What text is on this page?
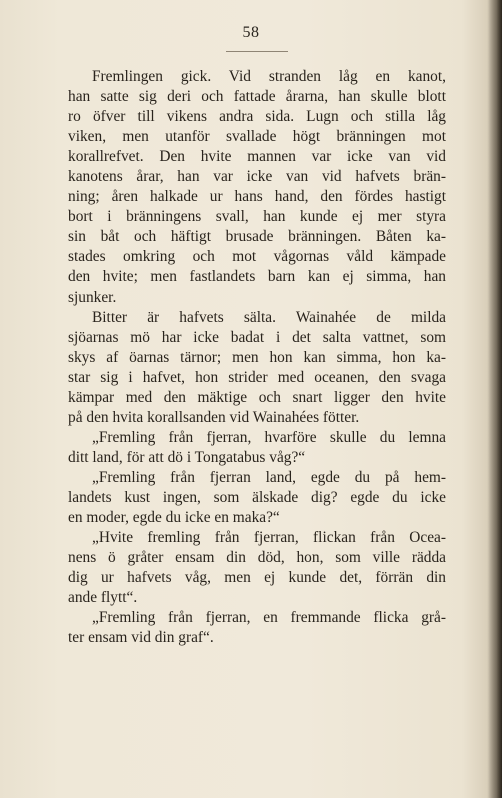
58
Fremlingen gick. Vid stranden låg en kanot,
han satte sig deri och fattade årarna, han skulle blott
ro öfver till vikens andra sida. Lugn och stilla låg
viken, men utanför svallade högt bränningen mot
korallrefvet. Den hvite mannen var icke van vid
kanotens årar, han var icke van vid hafvets brän-
ning; åren halkade ur hans hand, den fördes hastigt
bort i bränningens svall, han kunde ej mer styra
sin båt och häftigt brusade bränningen. Båten ka-
stades omkring och mot vågornas våld kämpade
den hvite; men fastlandets barn kan ej simma, han
sjunker.
Bitter är hafvets sälta. Wainahée de milda
sjöarnas mö har icke badat i det salta vattnet, som
skys af öarnas tärnor; men hon kan simma, hon ka-
star sig i hafvet, hon strider med oceanen, den svaga
kämpar med den mäktige och snart ligger den hvite
på den hvita korallsanden vid Wainahées fötter.
„Fremling från fjerran, hvarföre skulle du lemna
ditt land, för att dö i Tongatabus våg?“
„Fremling från fjerran land, egde du på hem-
landets kust ingen, som älskade dig? egde du icke
en moder, egde du icke en maka?“
„Hvite fremling från fjerran, flickan från Ocea-
nens ö gråter ensam din död, hon, som ville rädda
dig ur hafvets våg, men ej kunde det, förrän din
ande flytt“.
„Fremling från fjerran, en fremmande flicka grå-
ter ensam vid din graf“.
